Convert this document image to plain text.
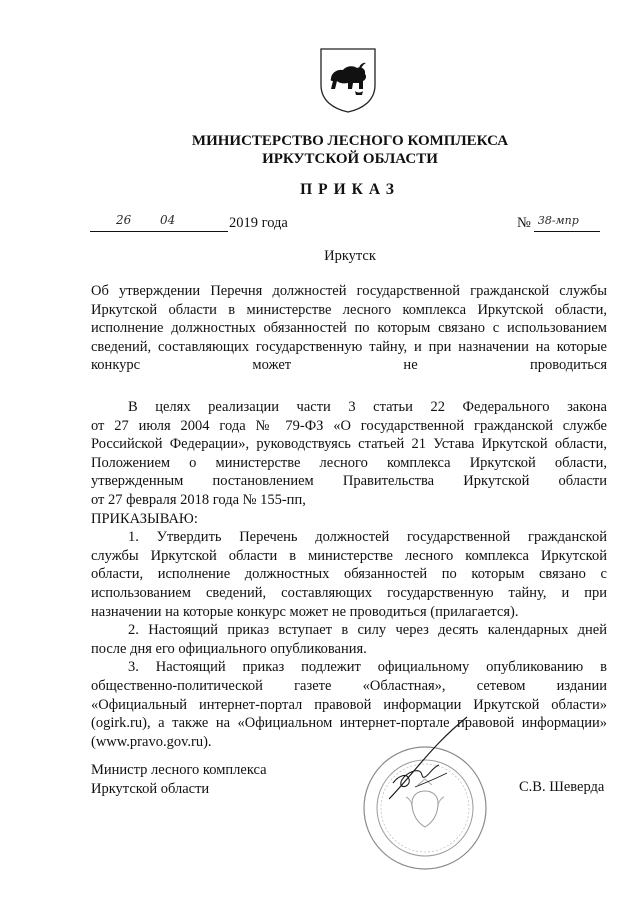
МИНИСТЕРСТВО ЛЕСНОГО КОМПЛЕКСА
ИРКУТСКОЙ ОБЛАСТИ
ПРИКАЗ
26 04	2019 года	№ 38-мпр
Иркутск
Об утверждении Перечня должностей государственной гражданской службы Иркутской области в министерстве лесного комплекса Иркутской области, исполнение должностных обязанностей по которым связано с использованием сведений, составляющих государственную тайну, и при назначении на которые конкурс может не проводиться

В целях реализации части 3 статьи 22 Федерального закона

от 27 июля 2004 года № 79-ФЗ «О государственной гражданской службе

Российской Федерации», руководствуясь статьей 21 Устава Иркутской области,

Положением о министерстве лесного комплекса Иркутской области,

утвержденным постановлением Правительства Иркутской области

от 27 февраля 2018 года № 155-пп,

ПРИКАЗЫВАЮ:

1. Утвердить Перечень должностей государственной гражданской

службы Иркутской области в министерстве лесного комплекса Иркутской

области, исполнение должностных обязанностей по которым связано с

использованием сведений, составляющих государственную тайну, и при

назначении на которые конкурс может не проводиться (прилагается).

2. Настоящий приказ вступает в силу через десять календарных дней

после дня его официального опубликования.

3. Настоящий приказ подлежит официальному опубликованию в

общественно-политической газете «Областная», сетевом издании

«Официальный интернет-портал правовой информации Иркутской области»

(ogirk.ru), а также на «Официальном интернет-портале правовой информации»

(www.pravo.gov.ru).

Министр лесного комплекса
Иркутской области	С.В. Шеверда
